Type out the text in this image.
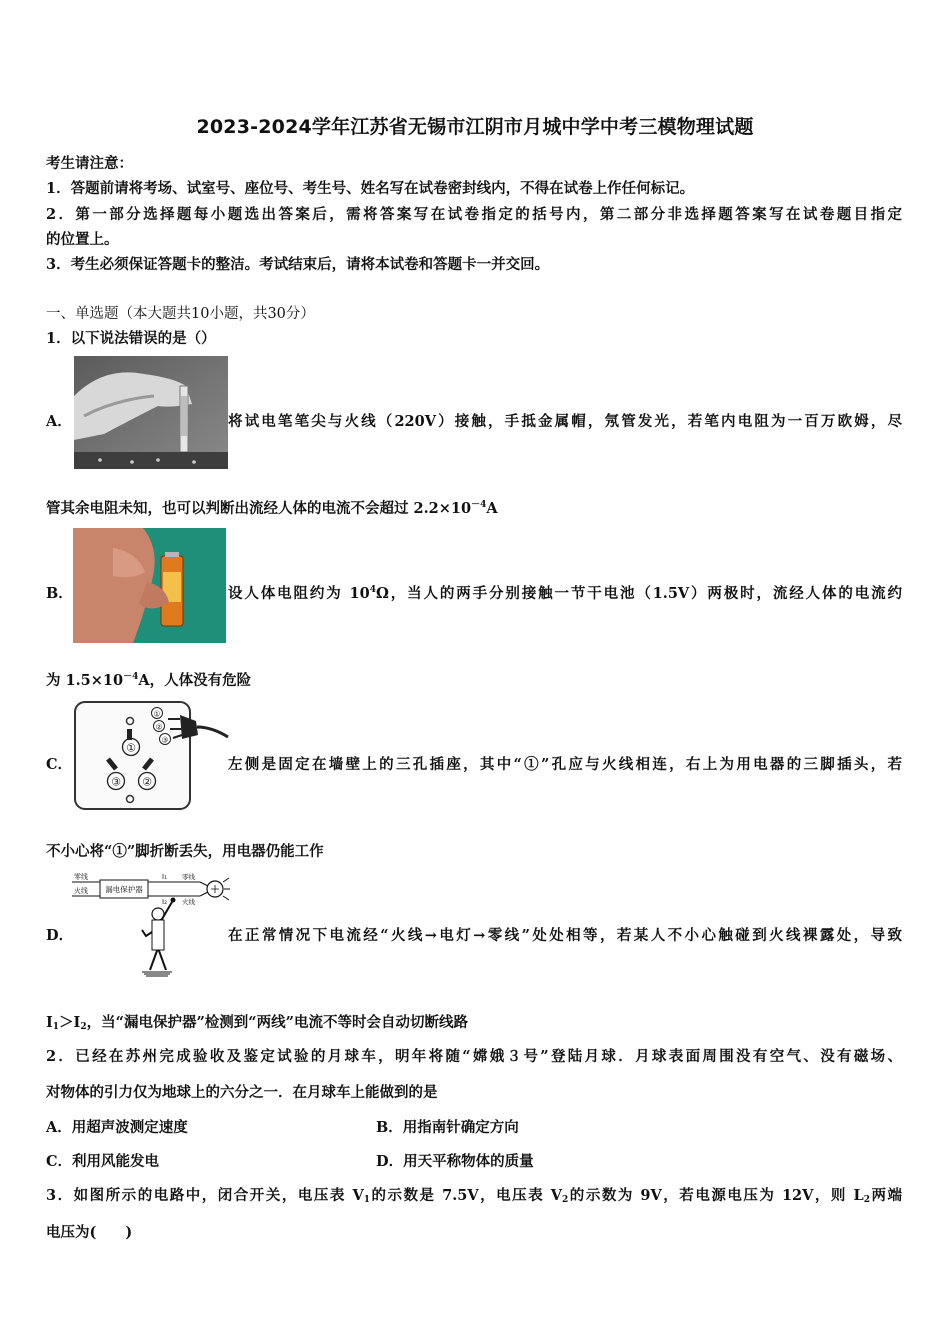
2023-2024学年江苏省无锡市江阴市月城中学中考三模物理试题
考生请注意：
1．答题前请将考场、试室号、座位号、考生号、姓名写在试卷密封线内，不得在试卷上作任何标记。
2．第一部分选择题每小题选出答案后，需将答案写在试卷指定的括号内，第二部分非选择题答案写在试卷题目指定
的位置上。
3．考生必须保证答题卡的整洁。考试结束后，请将本试卷和答题卡一并交回。
一、单选题（本大题共10小题，共30分）
1．以下说法错误的是（）
A．	将试电笔笔尖与火线（220V）接触，手抵金属帽，氖管发光，若笔内电阻为一百万欧姆，尽
管其余电阻未知，也可以判断出流经人体的电流不会超过 $2.2\times 10^{-4}A$
B．	设人体电阻约为 $10^4\Omega$，当人的两手分别接触一节干电池（1.5V）两极时，流经人体的电流约
为 $1.5\times 10^{-4}A$，人体没有危险
C．
①
③ ②
①
②
③
左侧是固定在墙壁上的三孔插座，其中“①”孔应与火线相连，右上为用电器的三脚插头，若
不小心将“①”脚折断丢失，用电器仍能工作
D．
零线
火线 漏电保护器
I₁
I₂
零线
火线
在正常情况下电流经“火线→电灯→零线”处处相等，若某人不小心触碰到火线裸露处，导致
$I_1>I_2$，当“漏电保护器”检测到“两线”电流不等时会自动切断线路
2．已经在苏州完成验收及鉴定试验的月球车，明年将随“嫦娥３号”登陆月球．月球表面周围没有空气、没有磁场、
对物体的引力仅为地球上的六分之一．在月球车上能做到的是
A．用超声波测定速度	B．用指南针确定方向
C．利用风能发电	D．用天平称物体的质量
3．如图所示的电路中，闭合开关，电压表 $V_1$的示数是 7.5V，电压表 $V_2$的示数为 9V，若电源电压为 12V，则 $L_2$两端
电压为(　　)
